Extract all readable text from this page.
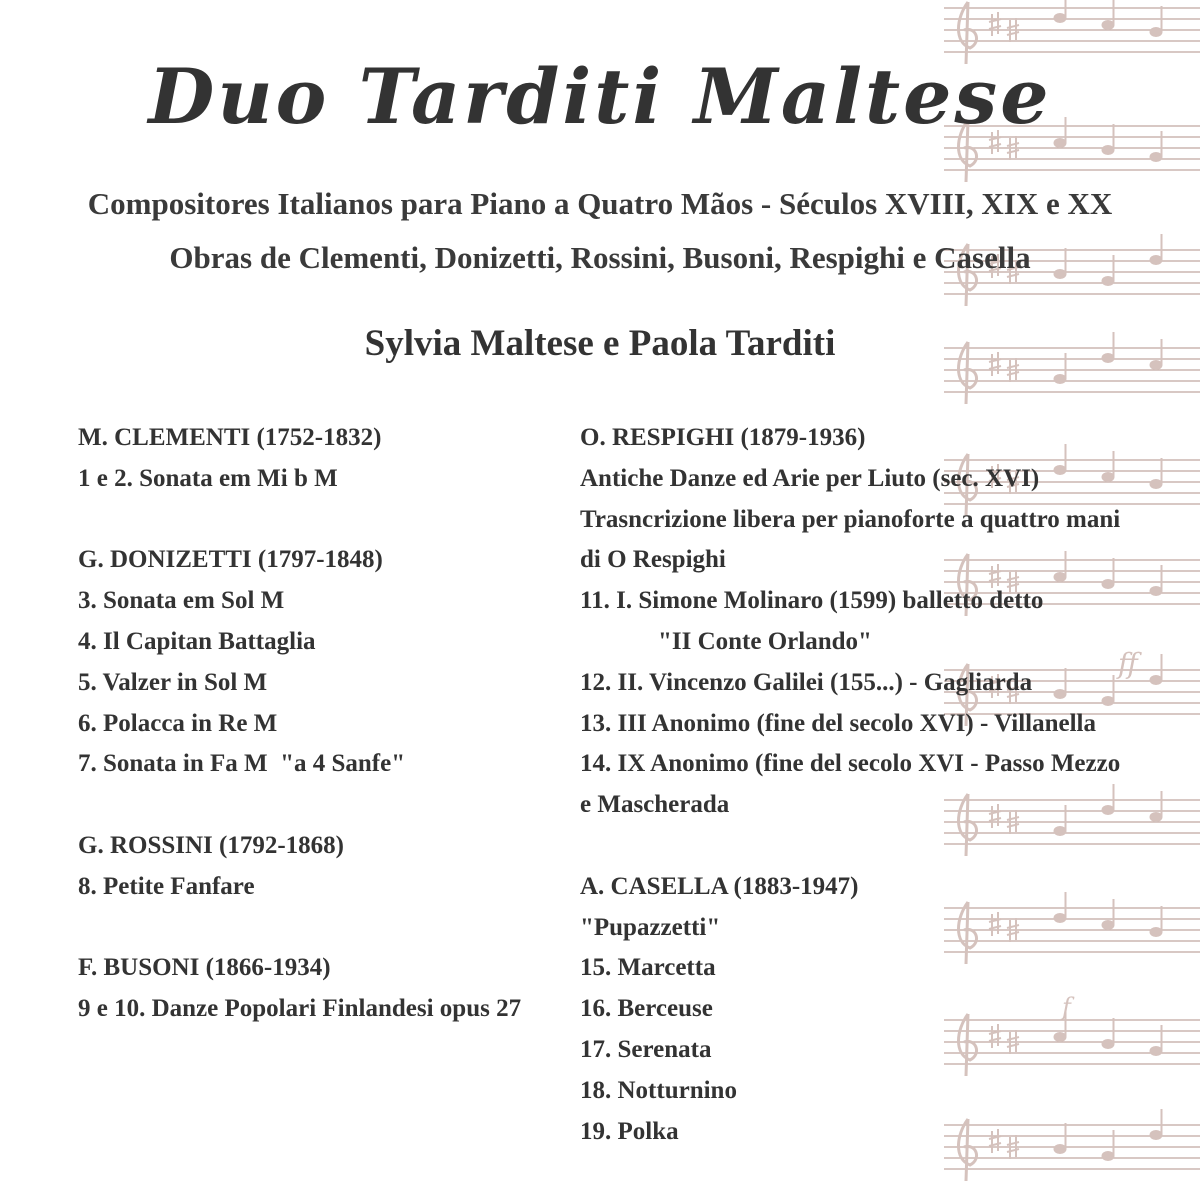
ff
f
Duo Tarditi Maltese
Compositores Italianos para Piano a Quatro Mãos - Séculos XVIII, XIX e XX
Obras de Clementi, Donizetti, Rossini, Busoni, Respighi e Casella
Sylvia Maltese e Paola Tarditi
M. CLEMENTI (1752-1832)
1 e 2. Sonata em Mi b M
G. DONIZETTI (1797-1848)
3. Sonata em Sol M
4. Il Capitan Battaglia
5. Valzer in Sol M
6. Polacca in Re M
7. Sonata in Fa M  "a 4 Sanfe"
G. ROSSINI (1792-1868)
8. Petite Fanfare
F. BUSONI (1866-1934)
9 e 10. Danze Popolari Finlandesi opus 27
O. RESPIGHI (1879-1936)
Antiche Danze ed Arie per Liuto (sec. XVI)
Trasncrizione libera per pianoforte a quattro mani
di O Respighi
11. I. Simone Molinaro (1599) balletto detto
"II Conte Orlando"
12. II. Vincenzo Galilei (155...) - Gagliarda
13. III Anonimo (fine del secolo XVI) - Villanella
14. IX Anonimo (fine del secolo XVI - Passo Mezzo
e Mascherada
A. CASELLA (1883-1947)
"Pupazzetti"
15. Marcetta
16. Berceuse
17. Serenata
18. Notturnino
19. Polka
